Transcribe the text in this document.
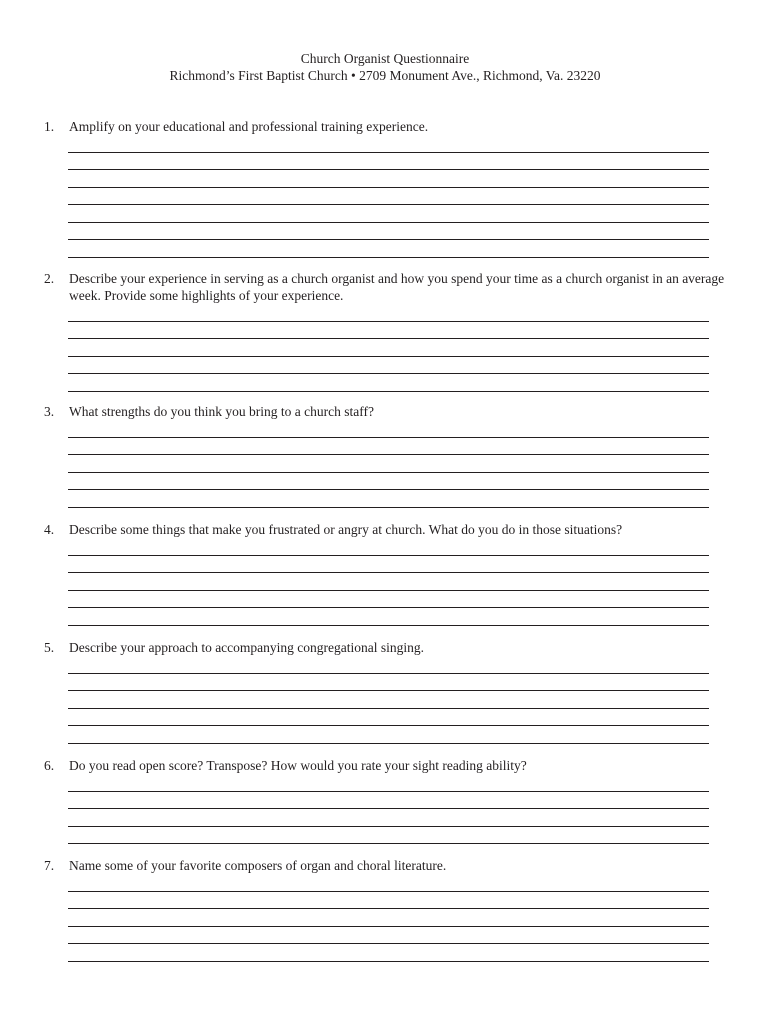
Church Organist Questionnaire
Richmond’s First Baptist Church • 2709 Monument Ave., Richmond, Va. 23220
1. Amplify on your educational and professional training experience.
2. Describe your experience in serving as a church organist and how you spend your time as a church organist in an average week. Provide some highlights of your experience.
3. What strengths do you think you bring to a church staff?
4. Describe some things that make you frustrated or angry at church. What do you do in those situations?
5. Describe your approach to accompanying congregational singing.
6. Do you read open score? Transpose? How would you rate your sight reading ability?
7. Name some of your favorite composers of organ and choral literature.
